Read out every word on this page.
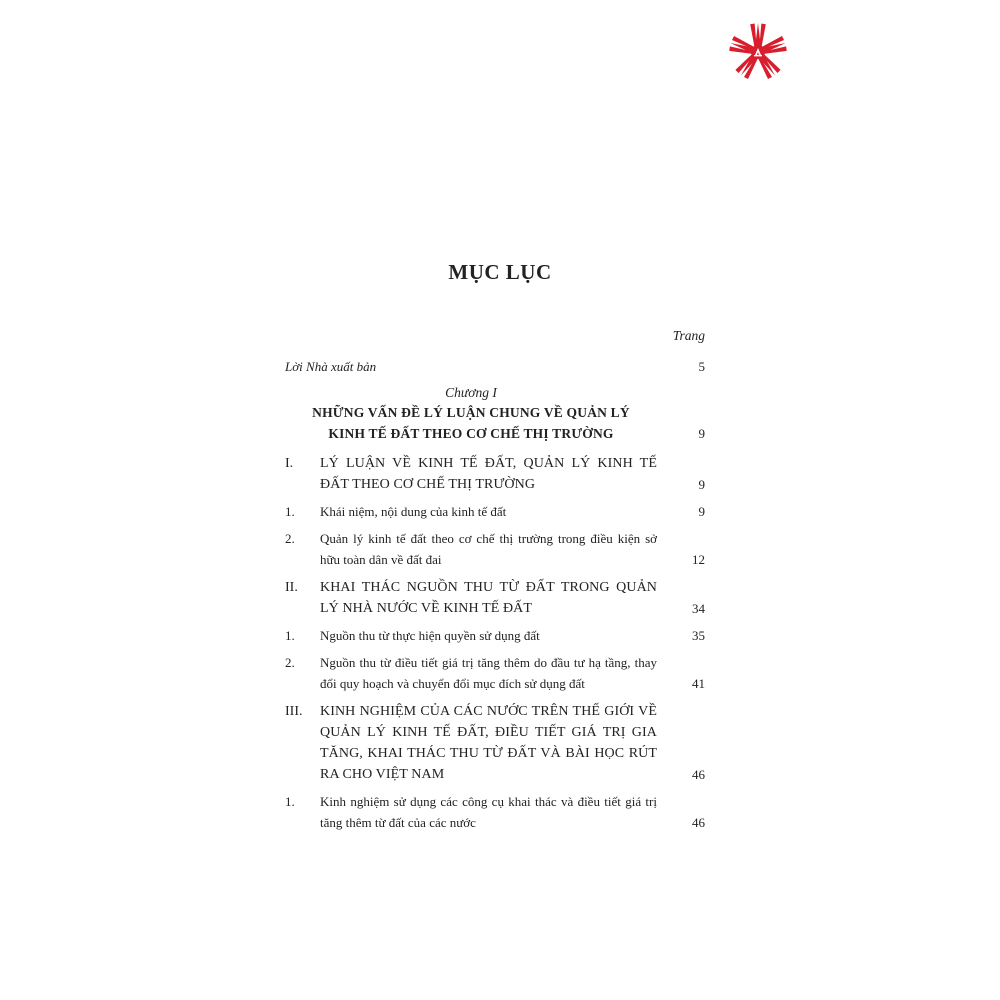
MỤC LỤC
Trang
Lời Nhà xuất bản	5
Chương I
NHỮNG VẤN ĐỀ LÝ LUẬN CHUNG VỀ QUẢN LÝ
KINH TẾ ĐẤT THEO CƠ CHẾ THỊ TRƯỜNG	9
I.	LÝ LUẬN VỀ KINH TẾ ĐẤT, QUẢN LÝ KINH TẾ ĐẤT THEO CƠ CHẾ THỊ TRƯỜNG	9
1.	Khái niệm, nội dung của kinh tế đất	9
2.	Quản lý kinh tế đất theo cơ chế thị trường trong điều kiện sở hữu toàn dân về đất đai	12
II.	KHAI THÁC NGUỒN THU TỪ ĐẤT TRONG QUẢN LÝ NHÀ NƯỚC VỀ KINH TẾ ĐẤT	34
1.	Nguồn thu từ thực hiện quyền sử dụng đất	35
2.	Nguồn thu từ điều tiết giá trị tăng thêm do đầu tư hạ tầng, thay đổi quy hoạch và chuyển đổi mục đích sử dụng đất	41
III.	KINH NGHIỆM CỦA CÁC NƯỚC TRÊN THẾ GIỚI VỀ QUẢN LÝ KINH TẾ ĐẤT, ĐIỀU TIẾT GIÁ TRỊ GIA TĂNG, KHAI THÁC THU TỪ ĐẤT VÀ BÀI HỌC RÚT RA CHO VIỆT NAM	46
1.	Kinh nghiệm sử dụng các công cụ khai thác và điều tiết giá trị tăng thêm từ đất của các nước	46
